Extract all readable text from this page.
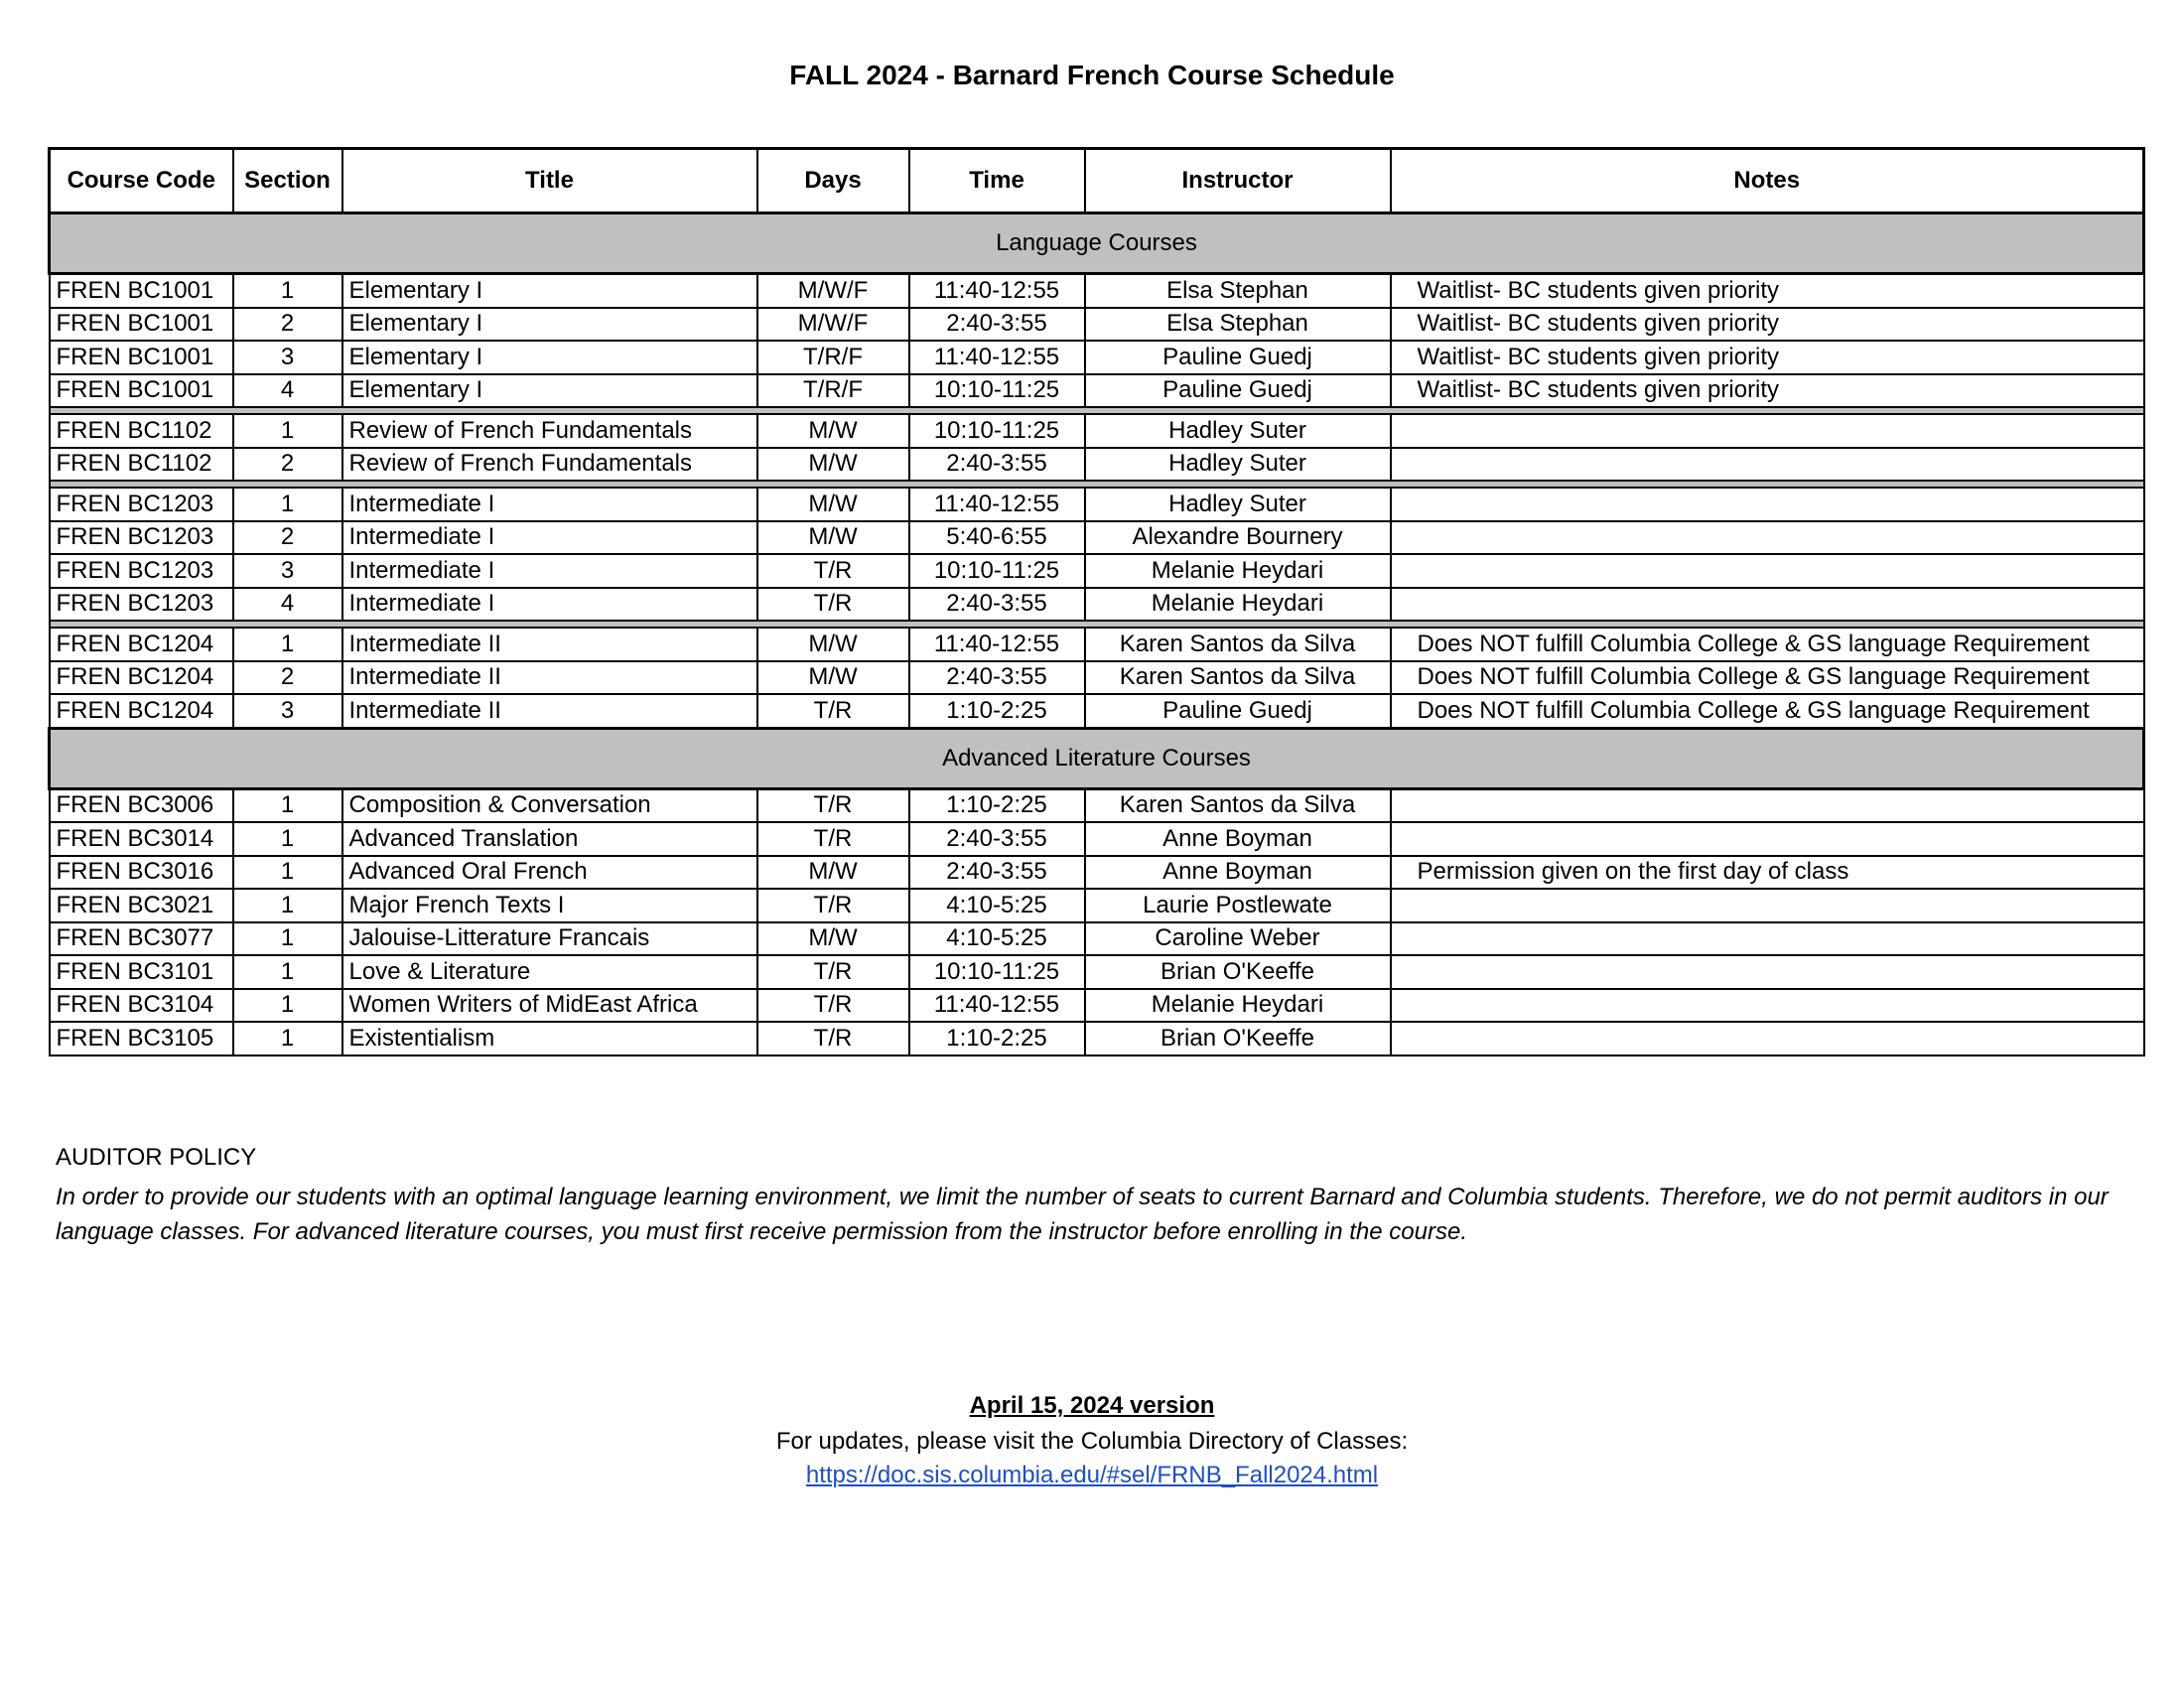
FALL 2024 - Barnard French Course Schedule
Course Code	Section	Title	Days	Time	Instructor	Notes
Language Courses						
FREN BC1001	1	Elementary I	M/W/F	11:40-12:55	Elsa Stephan	Waitlist- BC students given priority
FREN BC1001	2	Elementary I	M/W/F	2:40-3:55	Elsa Stephan	Waitlist- BC students given priority
FREN BC1001	3	Elementary I	T/R/F	11:40-12:55	Pauline Guedj	Waitlist- BC students given priority
FREN BC1001	4	Elementary I	T/R/F	10:10-11:25	Pauline Guedj	Waitlist- BC students given priority

FREN BC1102	1	Review of French Fundamentals	M/W	10:10-11:25	Hadley Suter	
FREN BC1102	2	Review of French Fundamentals	M/W	2:40-3:55	Hadley Suter	

FREN BC1203	1	Intermediate I	M/W	11:40-12:55	Hadley Suter	
FREN BC1203	2	Intermediate I	M/W	5:40-6:55	Alexandre Bournery	
FREN BC1203	3	Intermediate I	T/R	10:10-11:25	Melanie Heydari	
FREN BC1203	4	Intermediate I	T/R	2:40-3:55	Melanie Heydari	

FREN BC1204	1	Intermediate II	M/W	11:40-12:55	Karen Santos da Silva	Does NOT fulfill Columbia College & GS language Requirement
FREN BC1204	2	Intermediate II	M/W	2:40-3:55	Karen Santos da Silva	Does NOT fulfill Columbia College & GS language Requirement
FREN BC1204	3	Intermediate II	T/R	1:10-2:25	Pauline Guedj	Does NOT fulfill Columbia College & GS language Requirement
Advanced Literature Courses						
FREN BC3006	1	Composition & Conversation	T/R	1:10-2:25	Karen Santos da Silva	
FREN BC3014	1	Advanced Translation	T/R	2:40-3:55	Anne Boyman	
FREN BC3016	1	Advanced Oral French	M/W	2:40-3:55	Anne Boyman	Permission given on the first day of class
FREN BC3021	1	Major French Texts I	T/R	4:10-5:25	Laurie Postlewate	
FREN BC3077	1	Jalouise-Litterature Francais	M/W	4:10-5:25	Caroline Weber	
FREN BC3101	1	Love & Literature	T/R	10:10-11:25	Brian O'Keeffe	
FREN BC3104	1	Women Writers of MidEast Africa	T/R	11:40-12:55	Melanie Heydari	
FREN BC3105	1	Existentialism	T/R	1:10-2:25	Brian O'Keeffe	
AUDITOR POLICY
In order to provide our students with an optimal language learning environment, we limit the number of seats to current Barnard and Columbia students. Therefore, we do not permit auditors in our language classes. For advanced literature courses, you must first receive permission from the instructor before enrolling in the course.
April 15, 2024 version
For updates, please visit the Columbia Directory of Classes:
https://doc.sis.columbia.edu/#sel/FRNB_Fall2024.html
